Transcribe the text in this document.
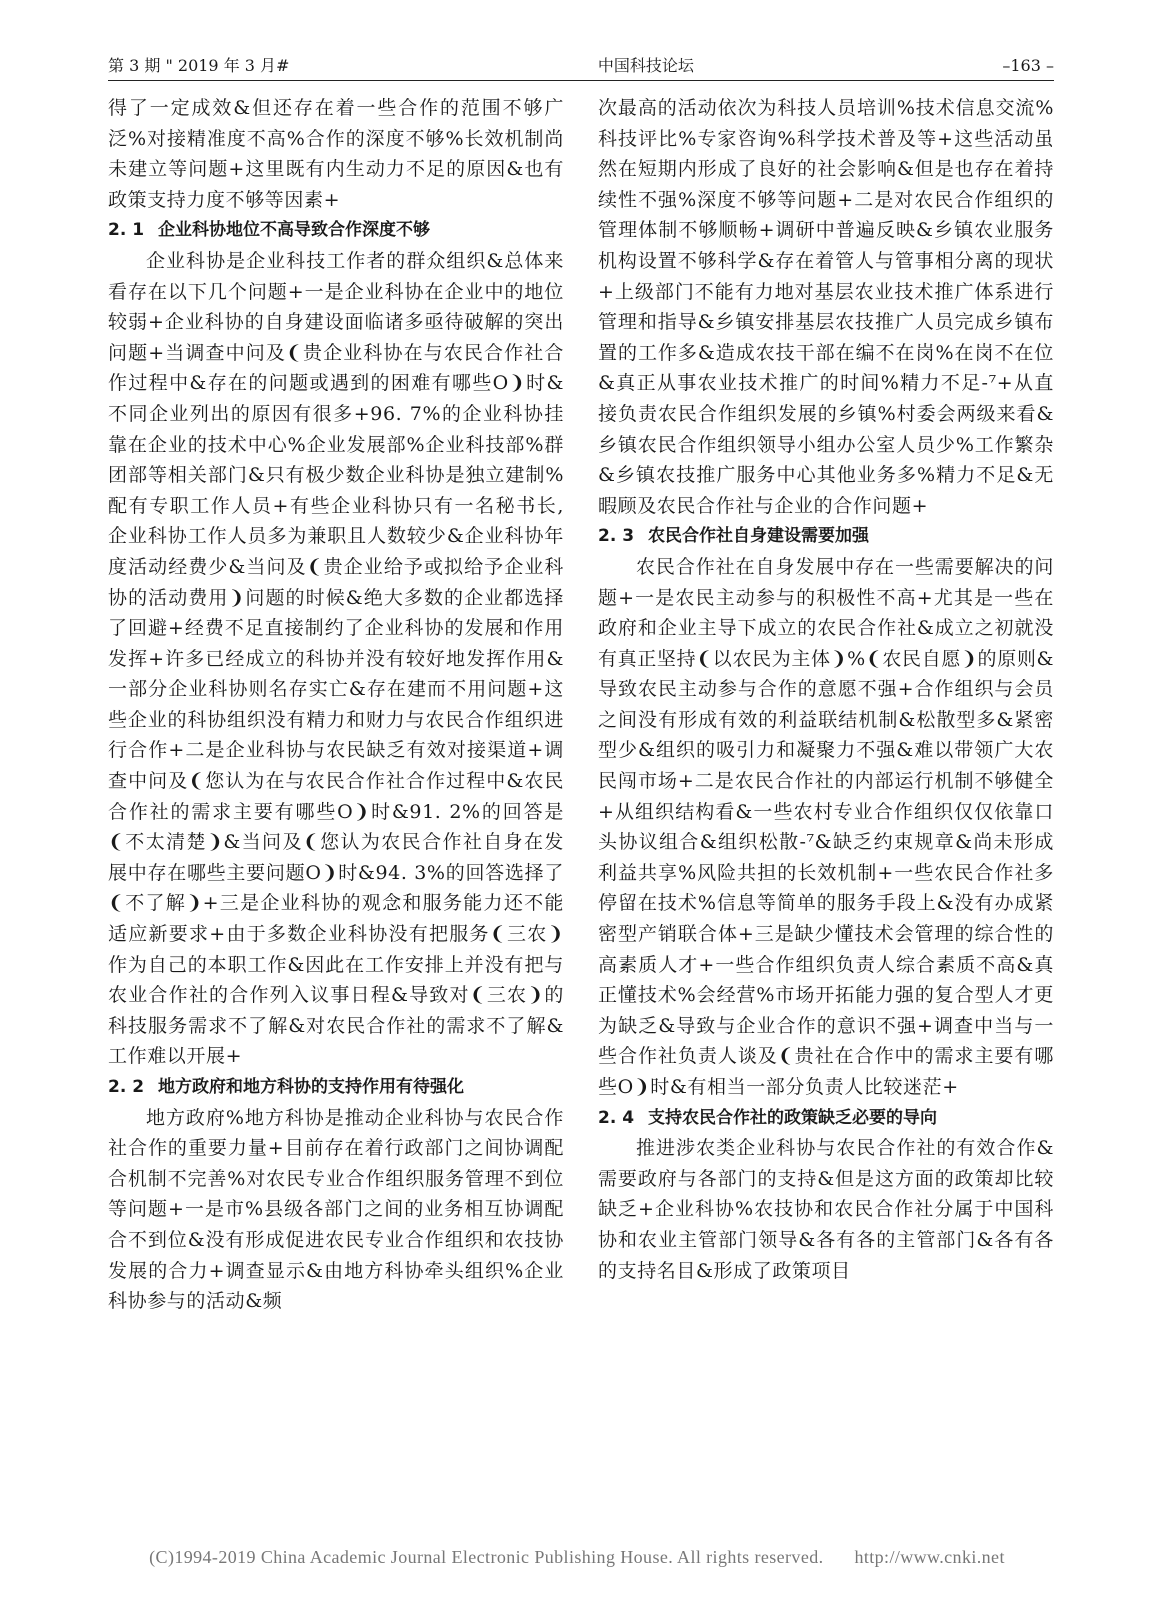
第 3 期 " 2019 年 3 月#	中国科技论坛	–163 –

得了一定成效&但还存在着一些合作的范围不够广泛%对接精准度不高%合作的深度不够%长效机制尚未建立等问题+这里既有内生动力不足的原因&也有政策支持力度不够等因素+

2. 1 企业科协地位不高导致合作深度不够

企业科协是企业科技工作者的群众组织&总体来看存在以下几个问题+一是企业科协在企业中的地位较弱+企业科协的自身建设面临诸多亟待破解的突出问题+当调查中问及❨贵企业科协在与农民合作社合作过程中&存在的问题或遇到的困难有哪些O❩时&不同企业列出的原因有很多+96. 7%的企业科协挂靠在企业的技术中心%企业发展部%企业科技部%群团部等相关部门&只有极少数企业科协是独立建制%配有专职工作人员+有些企业科协只有一名秘书长, 企业科协工作人员多为兼职且人数较少&企业科协年度活动经费少&当问及❨贵企业给予或拟给予企业科协的活动费用❩问题的时候&绝大多数的企业都选择了回避+经费不足直接制约了企业科协的发展和作用发挥+许多已经成立的科协并没有较好地发挥作用&一部分企业科协则名存实亡&存在建而不用问题+这些企业的科协组织没有精力和财力与农民合作组织进行合作+二是企业科协与农民缺乏有效对接渠道+调查中问及❨您认为在与农民合作社合作过程中&农民合作社的需求主要有哪些O❩时&91. 2%的回答是❨不太清楚❩&当问及❨您认为农民合作社自身在发展中存在哪些主要问题O❩时&94. 3%的回答选择了❨不了解❩+三是企业科协的观念和服务能力还不能适应新要求+由于多数企业科协没有把服务❨三农❩作为自己的本职工作&因此在工作安排上并没有把与农业合作社的合作列入议事日程&导致对❨三农❩的科技服务需求不了解&对农民合作社的需求不了解&工作难以开展+

2. 2 地方政府和地方科协的支持作用有待强化

地方政府%地方科协是推动企业科协与农民合作社合作的重要力量+目前存在着行政部门之间协调配合机制不完善%对农民专业合作组织服务管理不到位等问题+一是市%县级各部门之间的业务相互协调配合不到位&没有形成促进农民专业合作组织和农技协发展的合力+调查显示&由地方科协牵头组织%企业科协参与的活动&频

次最高的活动依次为科技人员培训%技术信息交流%科技评比%专家咨询%科学技术普及等+这些活动虽然在短期内形成了良好的社会影响&但是也存在着持续性不强%深度不够等问题+二是对农民合作组织的管理体制不够顺畅+调研中普遍反映&乡镇农业服务机构设置不够科学&存在着管人与管事相分离的现状+上级部门不能有力地对基层农业技术推广体系进行管理和指导&乡镇安排基层农技推广人员完成乡镇布置的工作多&造成农技干部在编不在岗%在岗不在位&真正从事农业技术推广的时间%精力不足-⁷+从直接负责农民合作组织发展的乡镇%村委会两级来看&乡镇农民合作组织领导小组办公室人员少%工作繁杂&乡镇农技推广服务中心其他业务多%精力不足&无暇顾及农民合作社与企业的合作问题+

2. 3 农民合作社自身建设需要加强

农民合作社在自身发展中存在一些需要解决的问题+一是农民主动参与的积极性不高+尤其是一些在政府和企业主导下成立的农民合作社&成立之初就没有真正坚持❨以农民为主体❩%❨农民自愿❩的原则&导致农民主动参与合作的意愿不强+合作组织与会员之间没有形成有效的利益联结机制&松散型多&紧密型少&组织的吸引力和凝聚力不强&难以带领广大农民闯市场+二是农民合作社的内部运行机制不够健全+从组织结构看&一些农村专业合作组织仅仅依靠口头协议组合&组织松散-⁷&缺乏约束规章&尚未形成利益共享%风险共担的长效机制+一些农民合作社多停留在技术%信息等简单的服务手段上&没有办成紧密型产销联合体+三是缺少懂技术会管理的综合性的高素质人才+一些合作组织负责人综合素质不高&真正懂技术%会经营%市场开拓能力强的复合型人才更为缺乏&导致与企业合作的意识不强+调查中当与一些合作社负责人谈及❨贵社在合作中的需求主要有哪些O❩时&有相当一部分负责人比较迷茫+

2. 4 支持农民合作社的政策缺乏必要的导向

推进涉农类企业科协与农民合作社的有效合作&需要政府与各部门的支持&但是这方面的政策却比较缺乏+企业科协%农技协和农民合作社分属于中国科协和农业主管部门领导&各有各的主管部门&各有各的支持名目&形成了政策项目

(C)1994-2019 China Academic Journal Electronic Publishing House. All rights reserved. http://www.cnki.net
